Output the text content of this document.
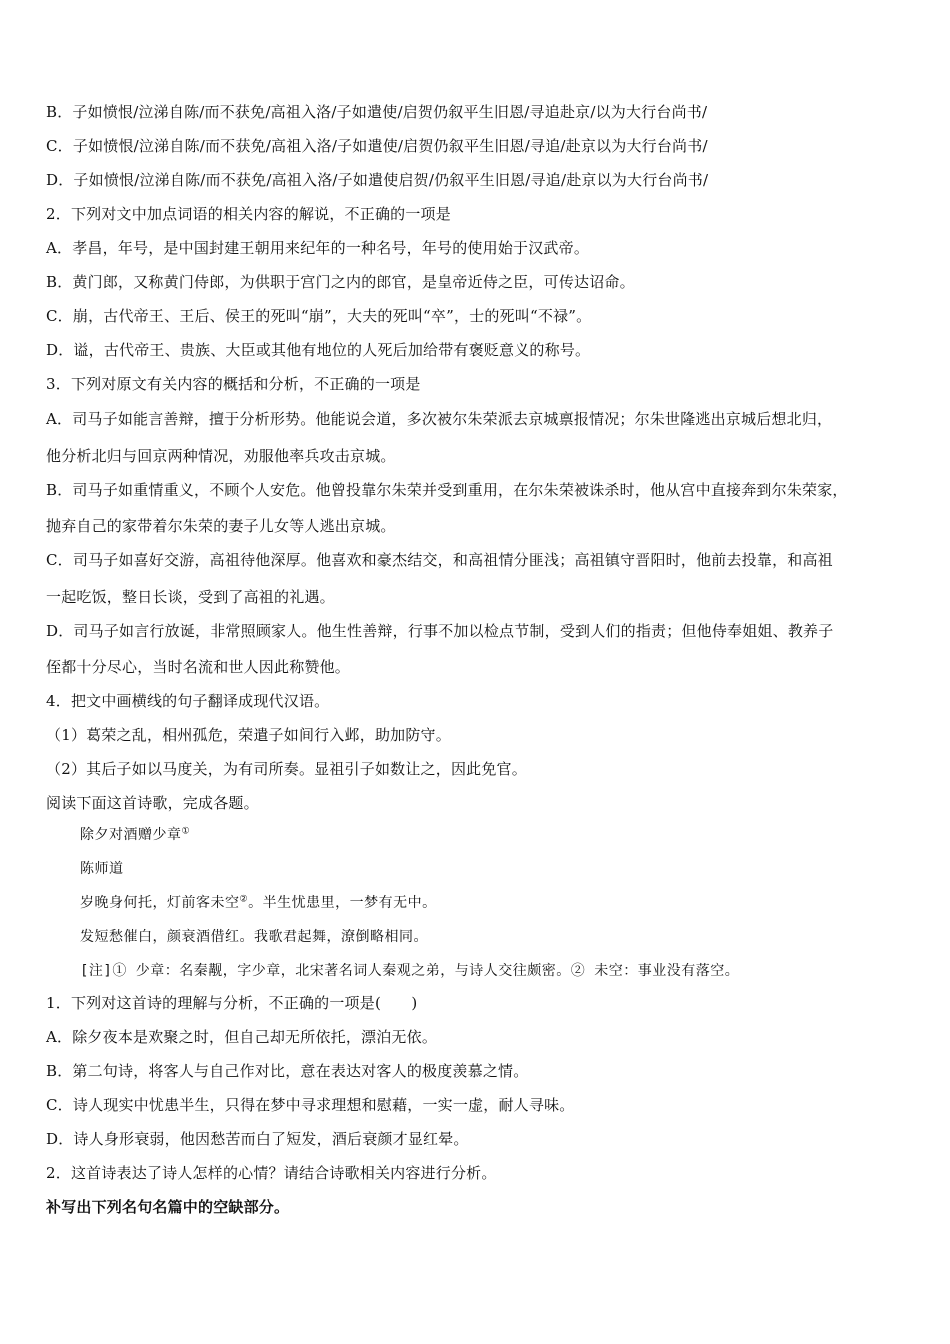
B．子如愤恨/泣涕自陈/而不获免/高祖入洛/子如遣使/启贺仍叙平生旧恩/寻追赴京/以为大行台尚书/
C．子如愤恨/泣涕自陈/而不获免/高祖入洛/子如遣使/启贺仍叙平生旧恩/寻追/赴京以为大行台尚书/
D．子如愤恨/泣涕自陈/而不获免/高祖入洛/子如遣使启贺/仍叙平生旧恩/寻追/赴京以为大行台尚书/
2．下列对文中加点词语的相关内容的解说，不正确的一项是
A．孝昌，年号，是中国封建王朝用来纪年的一种名号，年号的使用始于汉武帝。
B．黄门郎，又称黄门侍郎，为供职于宫门之内的郎官，是皇帝近侍之臣，可传达诏命。
C．崩，古代帝王、王后、侯王的死叫“崩”，大夫的死叫“卒”，士的死叫“不禄”。
D．谥，古代帝王、贵族、大臣或其他有地位的人死后加给带有褒贬意义的称号。
3．下列对原文有关内容的概括和分析，不正确的一项是
A．司马子如能言善辩，擅于分析形势。他能说会道，多次被尔朱荣派去京城禀报情况；尔朱世隆逃出京城后想北归，
他分析北归与回京两种情况，劝服他率兵攻击京城。
B．司马子如重情重义，不顾个人安危。他曾投靠尔朱荣并受到重用，在尔朱荣被诛杀时，他从宫中直接奔到尔朱荣家，
抛弃自己的家带着尔朱荣的妻子儿女等人逃出京城。
C．司马子如喜好交游，高祖待他深厚。他喜欢和豪杰结交，和高祖情分匪浅；高祖镇守晋阳时，他前去投靠，和高祖
一起吃饭，整日长谈，受到了高祖的礼遇。
D．司马子如言行放诞，非常照顾家人。他生性善辩，行事不加以检点节制，受到人们的指责；但他侍奉姐姐、教养子
侄都十分尽心，当时名流和世人因此称赞他。
4．把文中画横线的句子翻译成现代汉语。
（1）葛荣之乱，相州孤危，荣遣子如间行入邺，助加防守。
（2）其后子如以马度关，为有司所奏。显祖引子如数让之，因此免官。
阅读下面这首诗歌，完成各题。
除夕对酒赠少章①
陈师道
岁晚身何托，灯前客未空②。半生忧患里，一梦有无中。
发短愁催白，颜衰酒借红。我歌君起舞，潦倒略相同。
[注]① 少章：名秦觏，字少章，北宋著名词人秦观之弟，与诗人交往颇密。② 未空：事业没有落空。
1．下列对这首诗的理解与分析，不正确的一项是(　　)
A．除夕夜本是欢聚之时，但自己却无所依托，漂泊无依。
B．第二句诗，将客人与自己作对比，意在表达对客人的极度羡慕之情。
C．诗人现实中忧患半生，只得在梦中寻求理想和慰藉，一实一虚，耐人寻味。
D．诗人身形衰弱，他因愁苦而白了短发，酒后衰颜才显红晕。
2．这首诗表达了诗人怎样的心情？请结合诗歌相关内容进行分析。
补写出下列名句名篇中的空缺部分。
